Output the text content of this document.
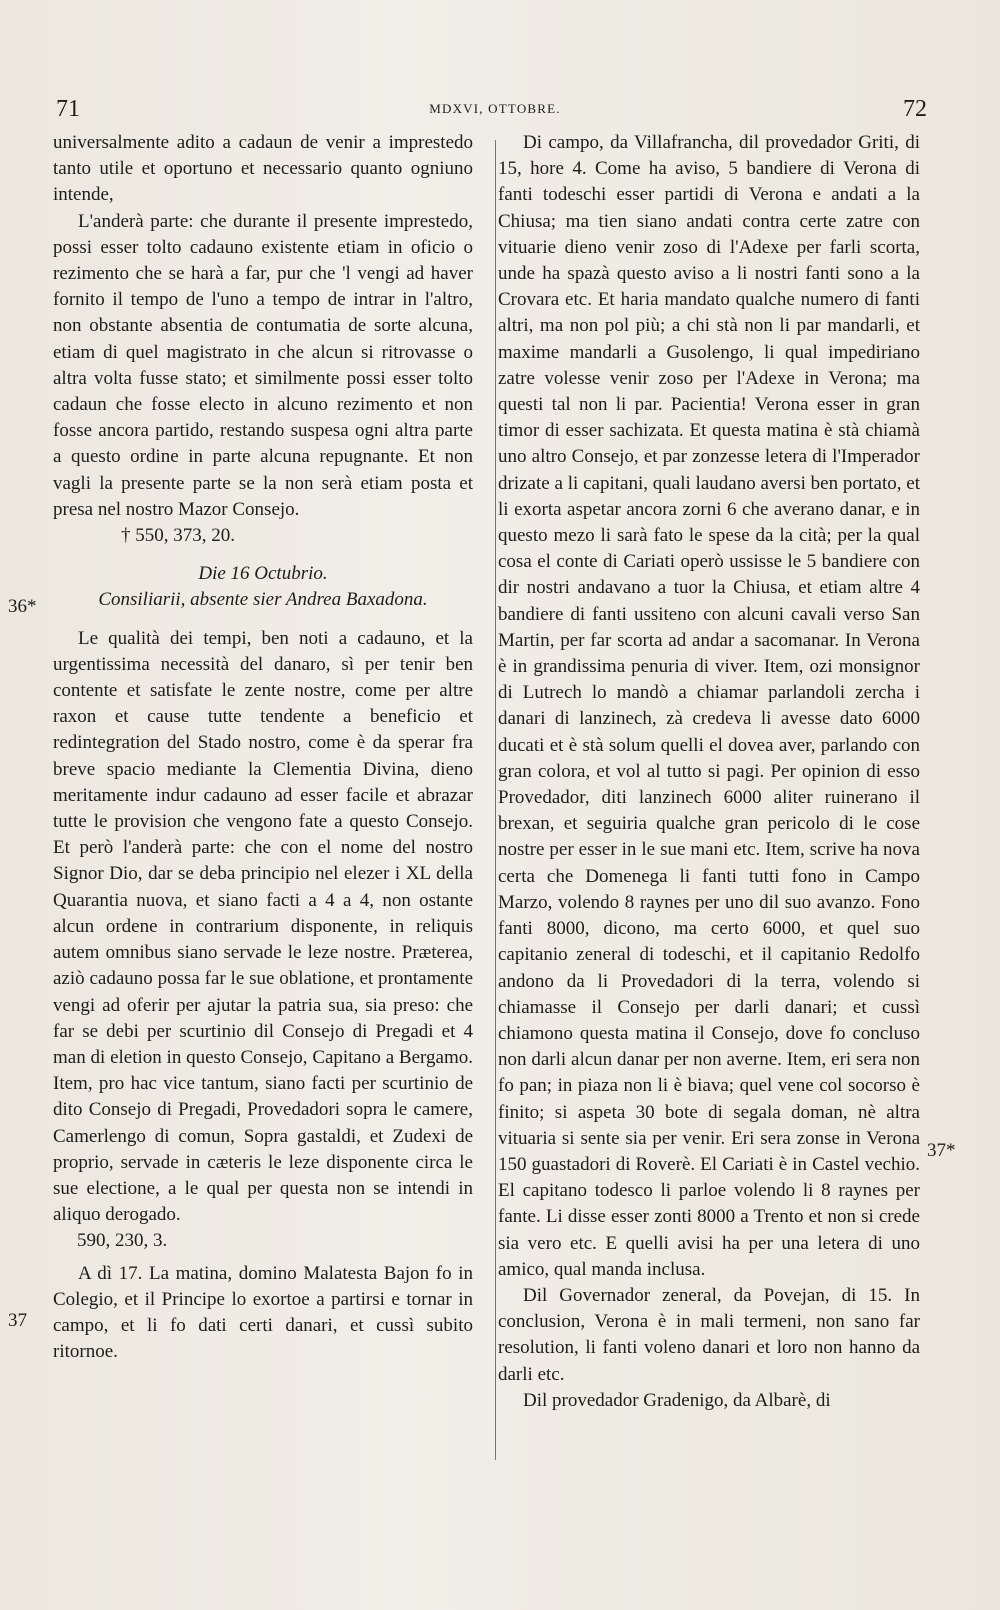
71	MDXVI, OTTOBRE.	72
36*
37*
37

universalmente adito a cadaun de venir a imprestedo tanto utile et oportuno et necessario quanto ogniuno intende,

L'anderà parte: che durante il presente imprestedo, possi esser tolto cadauno existente etiam in oficio o rezimento che se harà a far, pur che 'l vengi ad haver fornito il tempo de l'uno a tempo de intrar in l'altro, non obstante absentia de contumatia de sorte alcuna, etiam di quel magistrato in che alcun si ritrovasse o altra volta fusse stato; et similmente possi esser tolto cadaun che fosse electo in alcuno rezimento et non fosse ancora partido, restando suspesa ogni altra parte a questo ordine in parte alcuna repugnante. Et non vagli la presente parte se la non serà etiam posta et presa nel nostro Mazor Consejo.

† 550, 373, 20.

Die 16 Octubrio.

Consiliarii, absente sier Andrea Baxadona.

Le qualità dei tempi, ben noti a cadauno, et la urgentissima necessità del danaro, sì per tenir ben contente et satisfate le zente nostre, come per altre raxon et cause tutte tendente a beneficio et redintegration del Stado nostro, come è da sperar fra breve spacio mediante la Clementia Divina, dieno meritamente indur cadauno ad esser facile et abrazar tutte le provision che vengono fate a questo Consejo. Et però l'anderà parte: che con el nome del nostro Signor Dio, dar se deba principio nel elezer i XL della Quarantia nuova, et siano facti a 4 a 4, non ostante alcun ordene in contrarium disponente, in reliquis autem omnibus siano servade le leze nostre. Præterea, aziò cadauno possa far le sue oblatione, et prontamente vengi ad oferir per ajutar la patria sua, sia preso: che far se debi per scurtinio dil Consejo di Pregadi et 4 man di eletion in questo Consejo, Capitano a Bergamo. Item, pro hac vice tantum, siano facti per scurtinio de dito Consejo di Pregadi, Provedadori sopra le camere, Camerlengo di comun, Sopra gastaldi, et Zudexi de proprio, servade in cæteris le leze disponente circa le sue electione, a le qual per questa non se intendi in aliquo derogado.

590, 230, 3.

A dì 17. La matina, domino Malatesta Bajon fo in Colegio, et il Principe lo exortoe a partirsi e tornar in campo, et li fo dati certi danari, et cussì subito ritornoe.

Di campo, da Villafrancha, dil provedador Griti, di 15, hore 4. Come ha aviso, 5 bandiere di Verona di fanti todeschi esser partidi di Verona e andati a la Chiusa; ma tien siano andati contra certe zatre con vituarie dieno venir zoso di l'Adexe per farli scorta, unde ha spazà questo aviso a li nostri fanti sono a la Crovara etc. Et haria mandato qualche numero di fanti altri, ma non pol più; a chi stà non li par mandarli, et maxime mandarli a Gusolengo, li qual impediriano zatre volesse venir zoso per l'Adexe in Verona; ma questi tal non li par. Pacientia! Verona esser in gran timor di esser sachizata. Et questa matina è stà chiamà uno altro Consejo, et par zonzesse letera di l'Imperador drizate a li capitani, quali laudano aversi ben portato, et li exorta aspetar ancora zorni 6 che averano danar, e in questo mezo li sarà fato le spese da la cità; per la qual cosa el conte di Cariati operò ussisse le 5 bandiere con dir nostri andavano a tuor la Chiusa, et etiam altre 4 bandiere di fanti ussiteno con alcuni cavali verso San Martin, per far scorta ad andar a sacomanar. In Verona è in grandissima penuria di viver. Item, ozi monsignor di Lutrech lo mandò a chiamar parlandoli zercha i danari di lanzinech, zà credeva li avesse dato 6000 ducati et è stà solum quelli el dovea aver, parlando con gran colora, et vol al tutto si pagi. Per opinion di esso Provedador, diti lanzinech 6000 aliter ruinerano il brexan, et seguiria qualche gran pericolo di le cose nostre per esser in le sue mani etc. Item, scrive ha nova certa che Domenega li fanti tutti fono in Campo Marzo, volendo 8 raynes per uno dil suo avanzo. Fono fanti 8000, dicono, ma certo 6000, et quel suo capitanio zeneral di todeschi, et il capitanio Redolfo andono da li Provedadori di la terra, volendo si chiamasse il Consejo per darli danari; et cussì chiamono questa matina il Consejo, dove fo concluso non darli alcun danar per non averne. Item, eri sera non fo pan; in piaza non li è biava; quel vene col socorso è finito; si aspeta 30 bote di segala doman, nè altra vituaria si sente sia per venir. Eri sera zonse in Verona 150 guastadori di Roverè. El Cariati è in Castel vechio. El capitano todesco li parloe volendo li 8 raynes per fante. Li disse esser zonti 8000 a Trento et non si crede sia vero etc. E quelli avisi ha per una letera di uno amico, qual manda inclusa.

Dil Governador zeneral, da Povejan, di 15. In conclusion, Verona è in mali termeni, non sano far resolution, li fanti voleno danari et loro non hanno da darli etc.

Dil provedador Gradenigo, da Albarè, di
